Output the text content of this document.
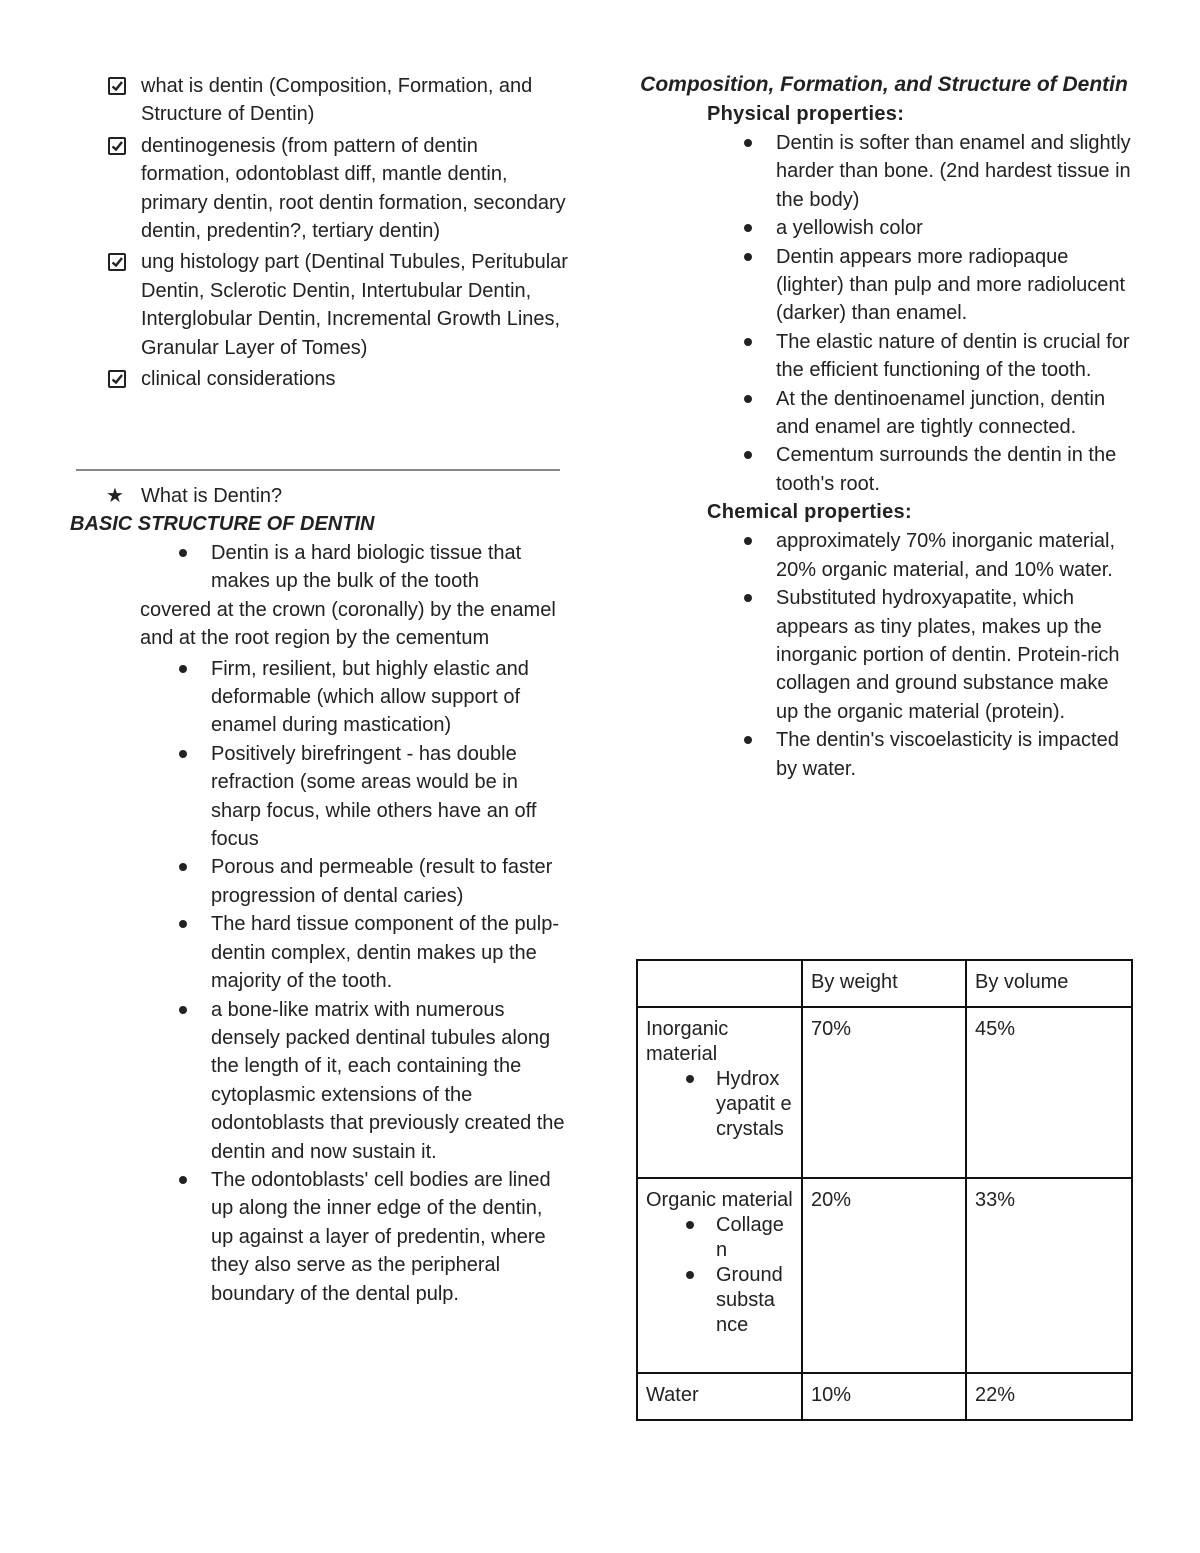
what is dentin (Composition, Formation, and Structure of Dentin)
dentinogenesis (from pattern of dentin formation, odontoblast diff, mantle dentin, primary dentin, root dentin formation, secondary dentin, predentin?, tertiary dentin)
ung histology part (Dentinal Tubules, Peritubular Dentin, Sclerotic Dentin, Intertubular Dentin, Interglobular Dentin, Incremental Growth Lines, Granular Layer of Tomes)
clinical considerations
★ What is Dentin?
BASIC STRUCTURE OF DENTIN
Dentin is a hard biologic tissue that makes up the bulk of the tooth
covered at the crown (coronally) by the enamel and at the root region by the cementum
Firm, resilient, but highly elastic and deformable (which allow support of enamel during mastication)
Positively birefringent - has double refraction (some areas would be in sharp focus, while others have an off focus
Porous and permeable (result to faster progression of dental caries)
The hard tissue component of the pulp-dentin complex, dentin makes up the majority of the tooth.
a bone-like matrix with numerous densely packed dentinal tubules along the length of it, each containing the cytoplasmic extensions of the odontoblasts that previously created the dentin and now sustain it.
The odontoblasts' cell bodies are lined up along the inner edge of the dentin, up against a layer of predentin, where they also serve as the peripheral boundary of the dental pulp.
Composition, Formation, and Structure of Dentin
Physical properties:
Dentin is softer than enamel and slightly harder than bone. (2nd hardest tissue in the body)
a yellowish color
Dentin appears more radiopaque (lighter) than pulp and more radiolucent (darker) than enamel.
The elastic nature of dentin is crucial for the efficient functioning of the tooth.
At the dentinoenamel junction, dentin and enamel are tightly connected.
Cementum surrounds the dentin in the tooth's root.
Chemical properties:
approximately 70% inorganic material, 20% organic material, and 10% water.
Substituted hydroxyapatite, which appears as tiny plates, makes up the inorganic portion of dentin. Protein-rich collagen and ground substance make up the organic material (protein).
The dentin's viscoelasticity is impacted by water.
	By weight	By volume

Inorganic material
Hydrox yapatit e crystals	70%	45%

Organic material
Collage n
Ground substa nce	20%	33%
Water	10%	22%
